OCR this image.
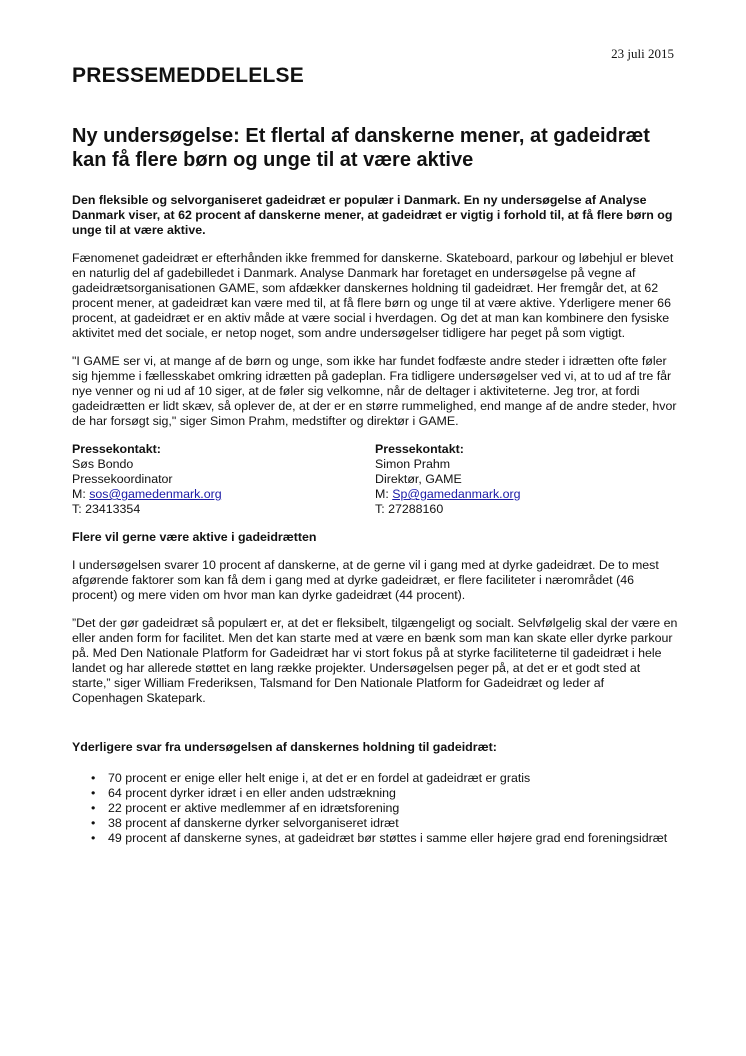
23 juli 2015
PRESSEMEDDELELSE
Ny undersøgelse: Et flertal af danskerne mener, at gadeidræt kan få flere børn og unge til at være aktive

Den fleksible og selvorganiseret gadeidræt er populær i Danmark. En ny undersøgelse af Analyse Danmark viser, at 62 procent af danskerne mener, at gadeidræt er vigtig i forhold til, at få flere børn og unge til at være aktive.

Fænomenet gadeidræt er efterhånden ikke fremmed for danskerne. Skateboard, parkour og løbehjul er blevet en naturlig del af gadebilledet i Danmark. Analyse Danmark har foretaget en undersøgelse på vegne af gadeidrætsorganisationen GAME, som afdækker danskernes holdning til gadeidræt. Her fremgår det, at 62 procent mener, at gadeidræt kan være med til, at få flere børn og unge til at være aktive. Yderligere mener 66 procent, at gadeidræt er en aktiv måde at være social i hverdagen. Og det at man kan kombinere den fysiske aktivitet med det sociale, er netop noget, som andre undersøgelser tidligere har peget på som vigtigt.

"I GAME ser vi, at mange af de børn og unge, som ikke har fundet fodfæste andre steder i idrætten ofte føler sig hjemme i fællesskabet omkring idrætten på gadeplan. Fra tidligere undersøgelser ved vi, at to ud af tre får nye venner og ni ud af 10 siger, at de føler sig velkomne, når de deltager i aktiviteterne. Jeg tror, at fordi gadeidrætten er lidt skæv, så oplever de, at der er en større rummelighed, end mange af de andre steder, hvor de har forsøgt sig," siger Simon Prahm, medstifter og direktør i GAME.

Pressekontakt:
Søs Bondo
Pressekoordinator
M: sos@gamedenmark.org
T: 23413354
Pressekontakt:
Simon Prahm
Direktør, GAME
M: Sp@gamedanmark.org
T: 27288160

Flere vil gerne være aktive i gadeidrætten

I undersøgelsen svarer 10 procent af danskerne, at de gerne vil i gang med at dyrke gadeidræt. De to mest afgørende faktorer som kan få dem i gang med at dyrke gadeidræt, er flere faciliteter i nærområdet (46 procent) og mere viden om hvor man kan dyrke gadeidræt (44 procent).

”Det der gør gadeidræt så populært er, at det er fleksibelt, tilgængeligt og socialt. Selvfølgelig skal der være en eller anden form for facilitet. Men det kan starte med at være en bænk som man kan skate eller dyrke parkour på. Med Den Nationale Platform for Gadeidræt har vi stort fokus på at styrke faciliteterne til gadeidræt i hele landet og har allerede støttet en lang række projekter. Undersøgelsen peger på, at det er et godt sted at starte,” siger William Frederiksen, Talsmand for Den Nationale Platform for Gadeidræt og leder af Copenhagen Skatepark.

Yderligere svar fra undersøgelsen af danskernes holdning til gadeidræt:

• 70 procent er enige eller helt enige i, at det er en fordel at gadeidræt er gratis
• 64 procent dyrker idræt i en eller anden udstrækning
• 22 procent er aktive medlemmer af en idrætsforening
• 38 procent af danskerne dyrker selvorganiseret idræt
• 49 procent af danskerne synes, at gadeidræt bør støttes i samme eller højere grad end foreningsidræt
